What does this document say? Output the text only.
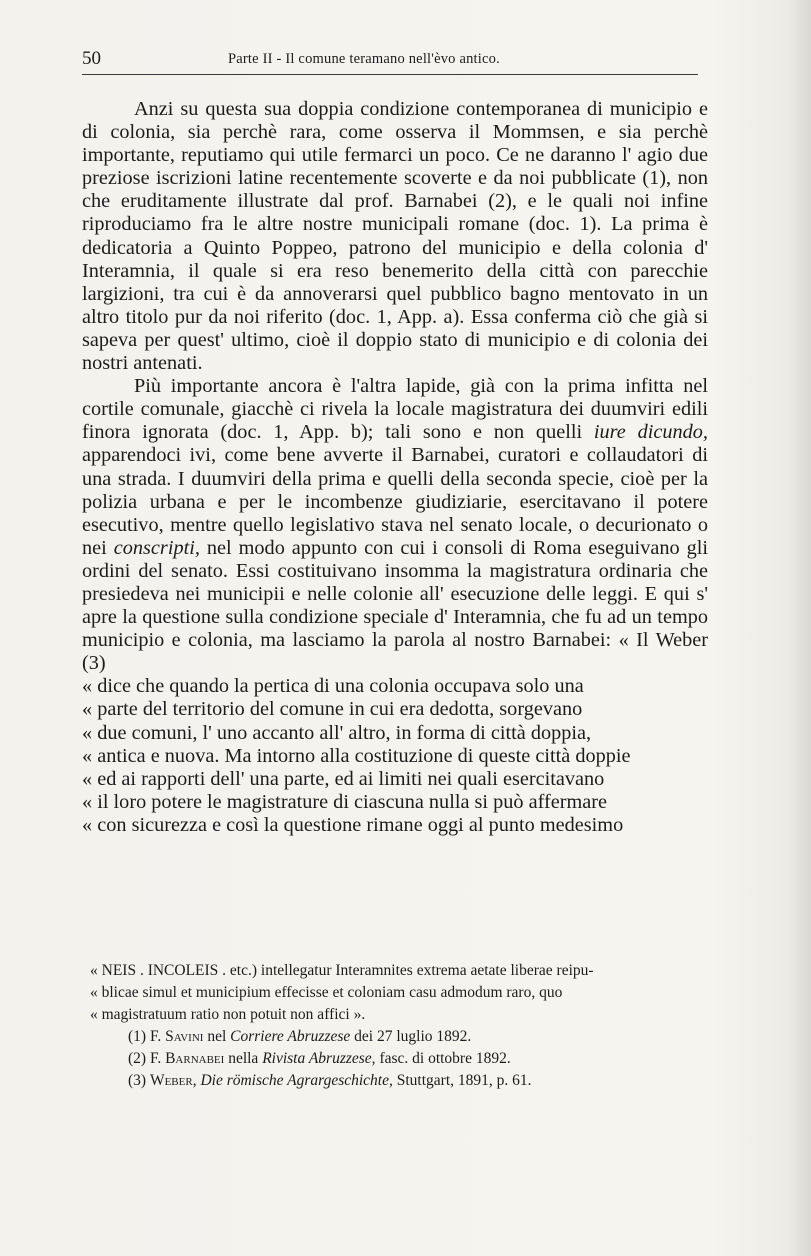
50	Parte II - Il comune teramano nell'èvo antico.

Anzi su questa sua doppia condizione contemporanea di municipio e di colonia, sia perchè rara, come osserva il Mommsen, e sia perchè importante, reputiamo qui utile fermarci un poco. Ce ne daranno l' agio due preziose iscrizioni latine recentemente scoverte e da noi pubblicate (1), non che eruditamente illustrate dal prof. Barnabei (2), e le quali noi infine riproduciamo fra le altre nostre municipali romane (doc. 1). La prima è dedicatoria a Quinto Poppeo, patrono del municipio e della colonia d' Interamnia, il quale si era reso benemerito della città con parecchie largizioni, tra cui è da annoverarsi quel pubblico bagno mentovato in un altro titolo pur da noi riferito (doc. 1, App. a). Essa conferma ciò che già si sapeva per quest' ultimo, cioè il doppio stato di municipio e di colonia dei nostri antenati.

Più importante ancora è l'altra lapide, già con la prima infitta nel cortile comunale, giacchè ci rivela la locale magistratura dei duumviri edili finora ignorata (doc. 1, App. b); tali sono e non quelli iure dicundo, apparendoci ivi, come bene avverte il Barnabei, curatori e collaudatori di una strada. I duumviri della prima e quelli della seconda specie, cioè per la polizia urbana e per le incombenze giudiziarie, esercitavano il potere esecutivo, mentre quello legislativo stava nel senato locale, o decurionato o nei conscripti, nel modo appunto con cui i consoli di Roma eseguivano gli ordini del senato. Essi costituivano insomma la magistratura ordinaria che presiedeva nei municipii e nelle colonie all' esecuzione delle leggi. E qui s' apre la questione sulla condizione speciale d' Interamnia, che fu ad un tempo municipio e colonia, ma lasciamo la parola al nostro Barnabei: « Il Weber (3)

« dice che quando la pertica di una colonia occupava solo una

« parte del territorio del comune in cui era dedotta, sorgevano

« due comuni, l' uno accanto all' altro, in forma di città doppia,

« antica e nuova. Ma intorno alla costituzione di queste città doppie

« ed ai rapporti dell' una parte, ed ai limiti nei quali esercitavano

« il loro potere le magistrature di ciascuna nulla si può affermare

« con sicurezza e così la questione rimane oggi al punto medesimo

« NEIS . INCOLEIS . etc.) intellegatur Interamnites extrema aetate liberae reipu-

« blicae simul et municipium effecisse et coloniam casu admodum raro, quo

« magistratuum ratio non potuit non affici ».

(1) F. Savini nel Corriere Abruzzese dei 27 luglio 1892.

(2) F. Barnabei nella Rivista Abruzzese, fasc. di ottobre 1892.

(3) Weber, Die römische Agrargeschichte, Stuttgart, 1891, p. 61.
